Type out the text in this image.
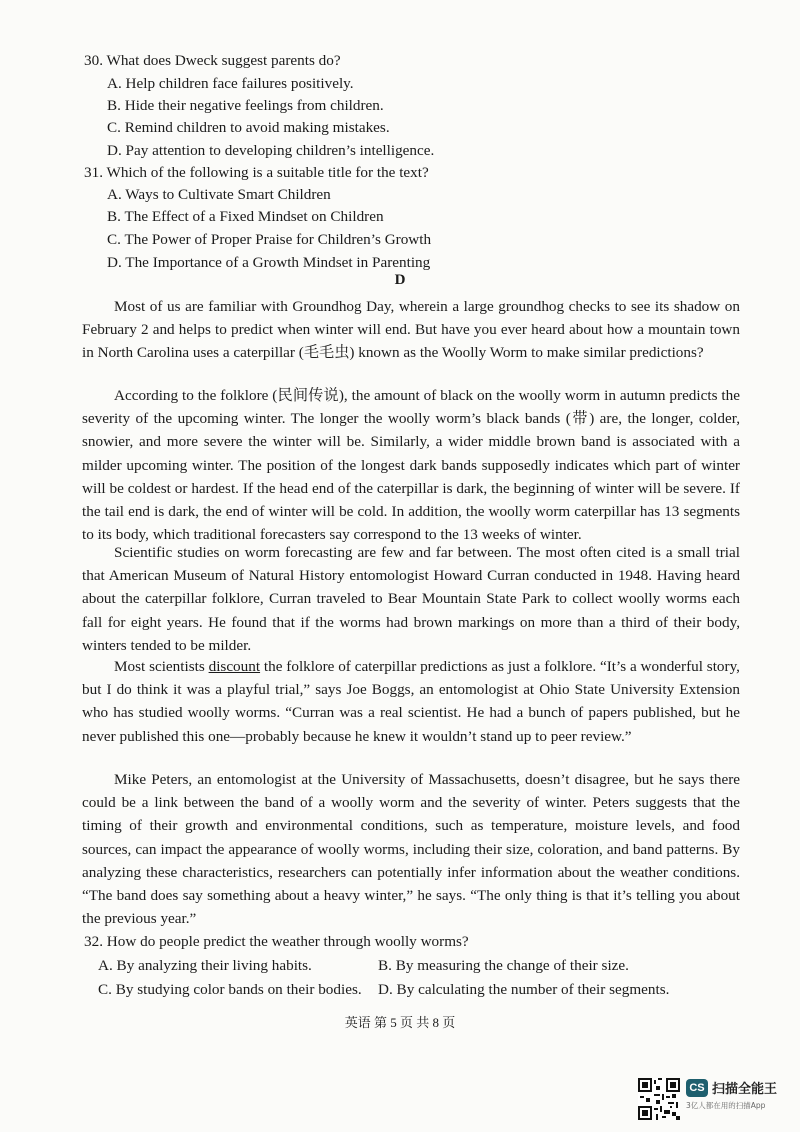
30. What does Dweck suggest parents do?
A. Help children face failures positively.
B. Hide their negative feelings from children.
C. Remind children to avoid making mistakes.
D. Pay attention to developing children’s intelligence.
31. Which of the following is a suitable title for the text?
A. Ways to Cultivate Smart Children
B. The Effect of a Fixed Mindset on Children
C. The Power of Proper Praise for Children’s Growth
D. The Importance of a Growth Mindset in Parenting
D

Most of us are familiar with Groundhog Day, wherein a large groundhog checks to see its shadow on February 2 and helps to predict when winter will end. But have you ever heard about how a mountain town in North Carolina uses a caterpillar (毛毛虫) known as the Woolly Worm to make similar predictions?

According to the folklore (民间传说), the amount of black on the woolly worm in autumn predicts the severity of the upcoming winter. The longer the woolly worm’s black bands (带) are, the longer, colder, snowier, and more severe the winter will be. Similarly, a wider middle brown band is associated with a milder upcoming winter. The position of the longest dark bands supposedly indicates which part of winter will be coldest or hardest. If the head end of the caterpillar is dark, the beginning of winter will be severe. If the tail end is dark, the end of winter will be cold. In addition, the woolly worm caterpillar has 13 segments to its body, which traditional forecasters say correspond to the 13 weeks of winter.

Scientific studies on worm forecasting are few and far between. The most often cited is a small trial that American Museum of Natural History entomologist Howard Curran conducted in 1948. Having heard about the caterpillar folklore, Curran traveled to Bear Mountain State Park to collect woolly worms each fall for eight years. He found that if the worms had brown markings on more than a third of their body, winters tended to be milder.

Most scientists discount the folklore of caterpillar predictions as just a folklore. “It’s a wonderful story, but I do think it was a playful trial,” says Joe Boggs, an entomologist at Ohio State University Extension who has studied woolly worms. “Curran was a real scientist. He had a bunch of papers published, but he never published this one—probably because he knew it wouldn’t stand up to peer review.”

Mike Peters, an entomologist at the University of Massachusetts, doesn’t disagree, but he says there could be a link between the band of a woolly worm and the severity of winter. Peters suggests that the timing of their growth and environmental conditions, such as temperature, moisture levels, and food sources, can impact the appearance of woolly worms, including their size, coloration, and band patterns. By analyzing these characteristics, researchers can potentially infer information about the weather conditions. “The band does say something about a heavy winter,” he says. “The only thing is that it’s telling you about the previous year.”

32. How do people predict the weather through woolly worms?
A. By analyzing their living habits.	B. By measuring the change of their size.
C. By studying color bands on their bodies. D. By calculating the number of their segments.
英语 第 5 页 共 8 页
CS 扫描全能王
3亿人都在用的扫描App
